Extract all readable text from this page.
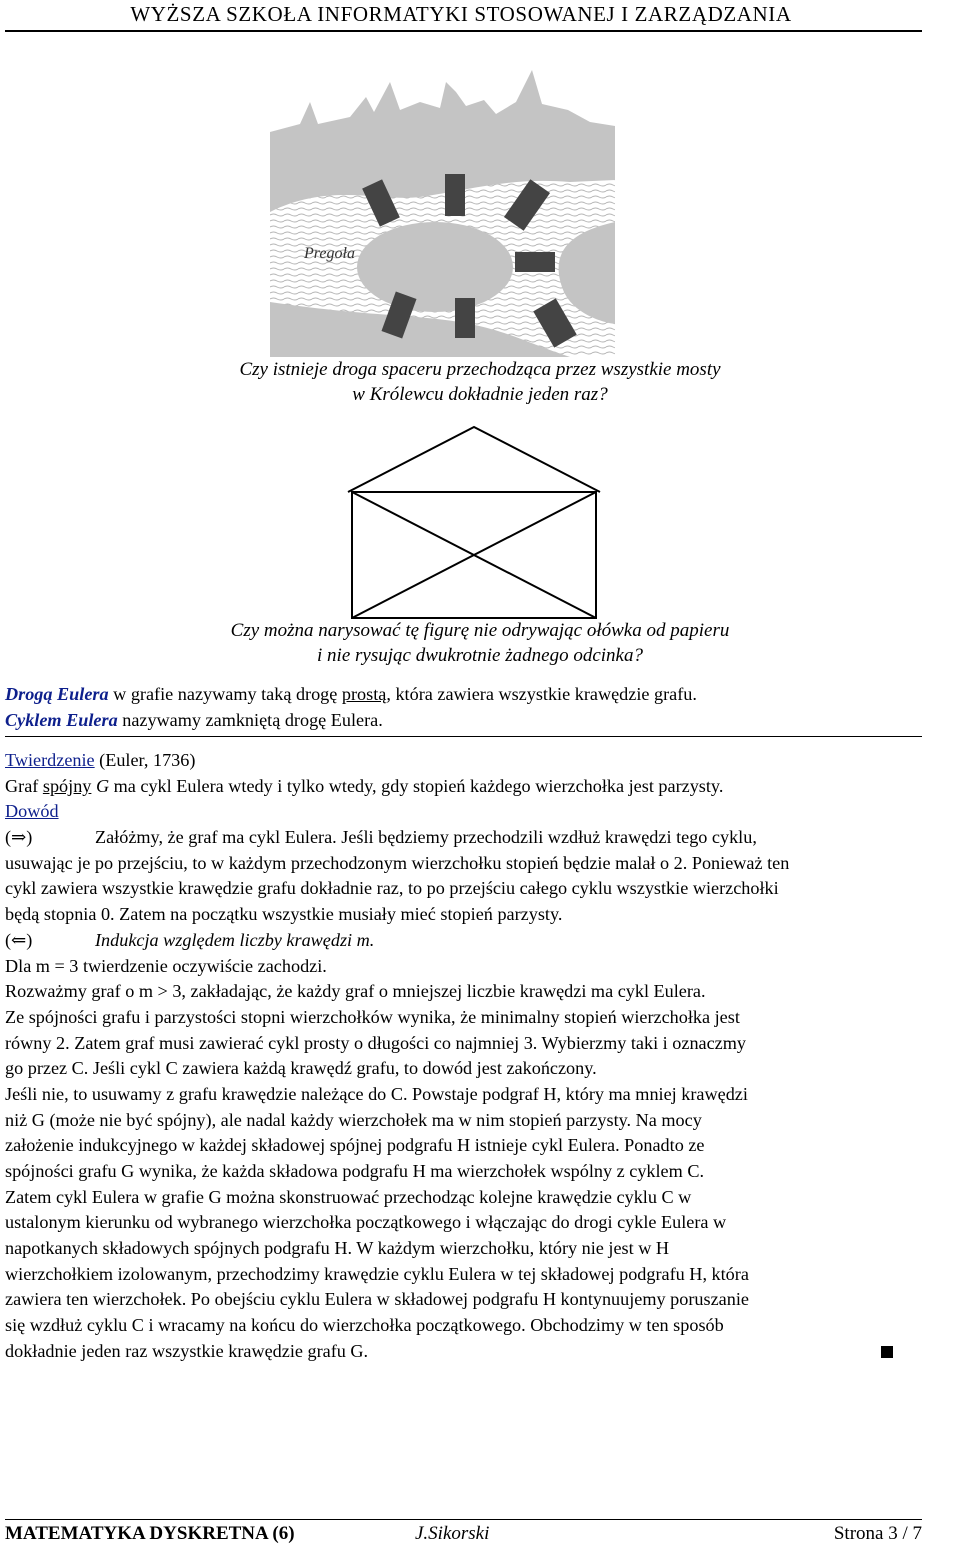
WYŻSZA SZKOŁA INFORMATYKI STOSOWANEJ I ZARZĄDZANIA
Pregoła
Czy istnieje droga spaceru przechodząca przez wszystkie mosty
w Królewcu dokładnie jeden raz?
Czy można narysować tę figurę nie odrywając ołówka od papieru
i nie rysując dwukrotnie żadnego odcinka?
Drogą Eulera w grafie nazywamy taką drogę prostą, która zawiera wszystkie krawędzie grafu.
Cyklem Eulera nazywamy zamkniętą drogę Eulera.
Twierdzenie (Euler, 1736)
Graf spójny G ma cykl Eulera wtedy i tylko wtedy, gdy stopień każdego wierzchołka jest parzysty.
Dowód
(⇒)	Załóżmy, że graf ma cykl Eulera. Jeśli będziemy przechodzili wzdłuż krawędzi tego cyklu,
usuwając je po przejściu, to w każdym przechodzonym wierzchołku stopień będzie malał o 2. Ponieważ ten
cykl zawiera wszystkie krawędzie grafu dokładnie raz, to po przejściu całego cyklu wszystkie wierzchołki
będą stopnia 0. Zatem na początku wszystkie musiały mieć stopień parzysty.
(⇐)	Indukcja względem liczby krawędzi m.
Dla m = 3 twierdzenie oczywiście zachodzi.
Rozważmy graf o m > 3, zakładając, że każdy graf o mniejszej liczbie krawędzi ma cykl Eulera.
Ze spójności grafu i parzystości stopni wierzchołków wynika, że minimalny stopień wierzchołka jest
równy 2. Zatem graf musi zawierać cykl prosty o długości co najmniej 3. Wybierzmy taki i oznaczmy
go przez C. Jeśli cykl C zawiera każdą krawędź grafu, to dowód jest zakończony.
Jeśli nie, to usuwamy z grafu krawędzie należące do C. Powstaje podgraf H, który ma mniej krawędzi
niż G (może nie być spójny), ale nadal każdy wierzchołek ma w nim stopień parzysty. Na mocy
założenie indukcyjnego w każdej składowej spójnej podgrafu H istnieje cykl Eulera. Ponadto ze
spójności grafu G wynika, że każda składowa podgrafu H ma wierzchołek wspólny z cyklem C.
Zatem cykl Eulera w grafie G można skonstruować przechodząc kolejne krawędzie cyklu C w
ustalonym kierunku od wybranego wierzchołka początkowego i włączając do drogi cykle Eulera w
napotkanych składowych spójnych podgrafu H. W każdym wierzchołku, który nie jest w H
wierzchołkiem izolowanym, przechodzimy krawędzie cyklu Eulera w tej składowej podgrafu H, która
zawiera ten wierzchołek. Po obejściu cyklu Eulera w składowej podgrafu H kontynuujemy poruszanie
się wzdłuż cyklu C i wracamy na końcu do wierzchołka początkowego. Obchodzimy w ten sposób
dokładnie jeden raz wszystkie krawędzie grafu G.
MATEMATYKA DYSKRETNA (6)	J.Sikorski	Strona 3 / 7
